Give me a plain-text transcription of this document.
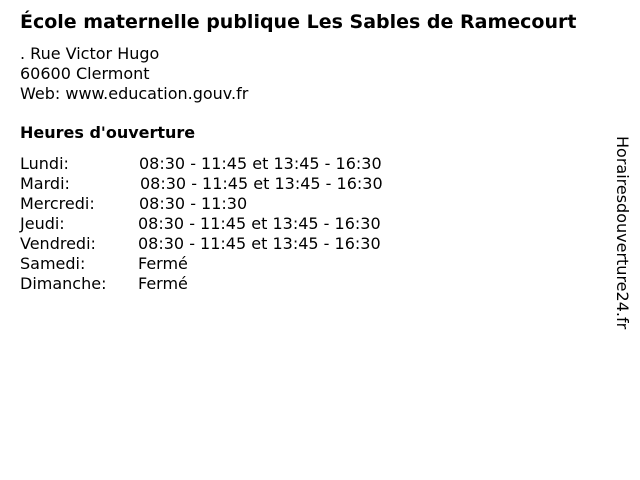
École maternelle publique Les Sables de Ramecourt
. Rue Victor Hugo
60600 Clermont
Web: www.education.gouv.fr
Heures d'ouverture
Lundi:	08:30 - 11:45 et 13:45 - 16:30
Mardi:	08:30 - 11:45 et 13:45 - 16:30
Mercredi:	08:30 - 11:30
Jeudi:	08:30 - 11:45 et 13:45 - 16:30
Vendredi:	08:30 - 11:45 et 13:45 - 16:30
Samedi:	Fermé
Dimanche: Fermé	Horairesdouverture24.fr
